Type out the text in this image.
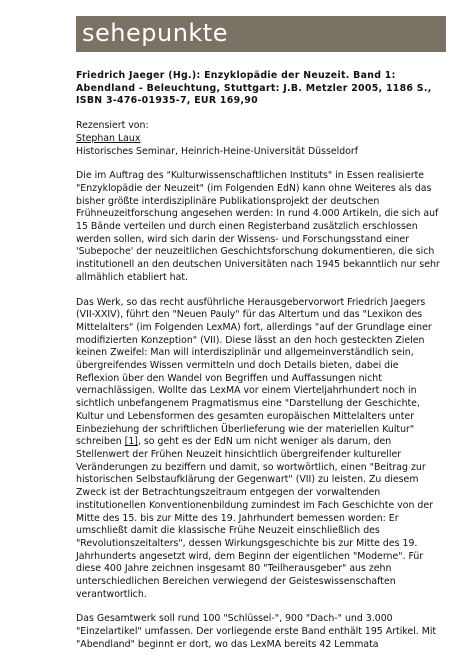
sehepunkte

Friedrich Jaeger (Hg.): Enzyklopädie der Neuzeit. Band 1: Abendland - Beleuchtung, Stuttgart: J.B. Metzler 2005, 1186 S., ISBN 3-476-01935-7, EUR 169,90

Rezensiert von:
Stephan Laux
Historisches Seminar, Heinrich-Heine-Universität Düsseldorf

Die im Auftrag des "Kulturwissenschaftlichen Instituts" in Essen realisierte "Enzyklopädie der Neuzeit" (im Folgenden EdN) kann ohne Weiteres als das bisher größte interdisziplinäre Publikationsprojekt der deutschen Frühneuzeitforschung angesehen werden: In rund 4.000 Artikeln, die sich auf 15 Bände verteilen und durch einen Registerband zusätzlich erschlossen werden sollen, wird sich darin der Wissens- und Forschungsstand einer 'Subepoche' der neuzeitlichen Geschichtsforschung dokumentieren, die sich institutionell an den deutschen Universitäten nach 1945 bekanntlich nur sehr allmählich etabliert hat.

Das Werk, so das recht ausführliche Herausgebervorwort Friedrich Jaegers (VII-XXIV), führt den "Neuen Pauly" für das Altertum und das "Lexikon des Mittelalters" (im Folgenden LexMA) fort, allerdings "auf der Grundlage einer modifizierten Konzeption" (VII). Diese lässt an den hoch gesteckten Zielen keinen Zweifel: Man will interdisziplinär und allgemeinverständlich sein, übergreifendes Wissen vermitteln und doch Details bieten, dabei die Reflexion über den Wandel von Begriffen und Auffassungen nicht vernachlässigen. Wollte das LexMA vor einem Vierteljahrhundert noch in sichtlich unbefangenem Pragmatismus eine "Darstellung der Geschichte, Kultur und Lebensformen des gesamten europäischen Mittelalters unter Einbeziehung der schriftlichen Überlieferung wie der materiellen Kultur" schreiben [1], so geht es der EdN um nicht weniger als darum, den Stellenwert der Frühen Neuzeit hinsichtlich übergreifender kultureller Veränderungen zu beziffern und damit, so wortwörtlich, einen "Beitrag zur historischen Selbstaufklärung der Gegenwart" (VII) zu leisten. Zu diesem Zweck ist der Betrachtungszeitraum entgegen der vorwaltenden institutionellen Konventionenbildung zumindest im Fach Geschichte von der Mitte des 15. bis zur Mitte des 19. Jahrhundert bemessen worden: Er umschließt damit die klassische Frühe Neuzeit einschließlich des "Revolutionszeitalters", dessen Wirkungsgeschichte bis zur Mitte des 19. Jahrhunderts angesetzt wird, dem Beginn der eigentlichen "Moderne". Für diese 400 Jahre zeichnen insgesamt 80 "Teilherausgeber" aus zehn unterschiedlichen Bereichen verwiegend der Geisteswissenschaften verantwortlich.

Das Gesamtwerk soll rund 100 "Schlüssel-", 900 "Dach-" und 3.000 "Einzelartikel" umfassen. Der vorliegende erste Band enthält 195 Artikel. Mit "Abendland" beginnt er dort, wo das LexMA bereits 42 Lemmata
